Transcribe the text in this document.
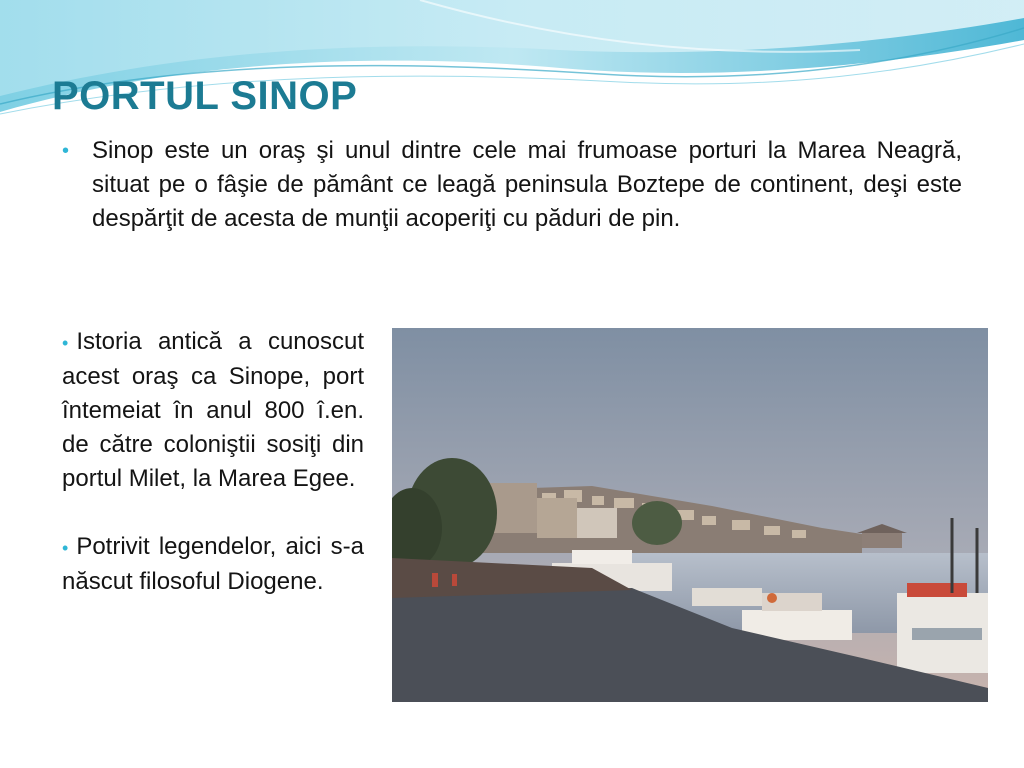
PORTUL SINOP
• Sinop este un oraş şi unul dintre cele mai frumoase porturi la Marea Neagră, situat pe o fâşie de pământ ce leagă peninsula Boztepe de continent, deşi este despărţit de acesta de munţii acoperiţi cu păduri de pin.
• Istoria antică a cunoscut acest oraş ca Sinope, port întemeiat în anul 800 î.en. de către coloniştii sosiţi din portul Milet, la Marea Egee.
• Potrivit legendelor, aici s-a născut filosoful Diogene.
